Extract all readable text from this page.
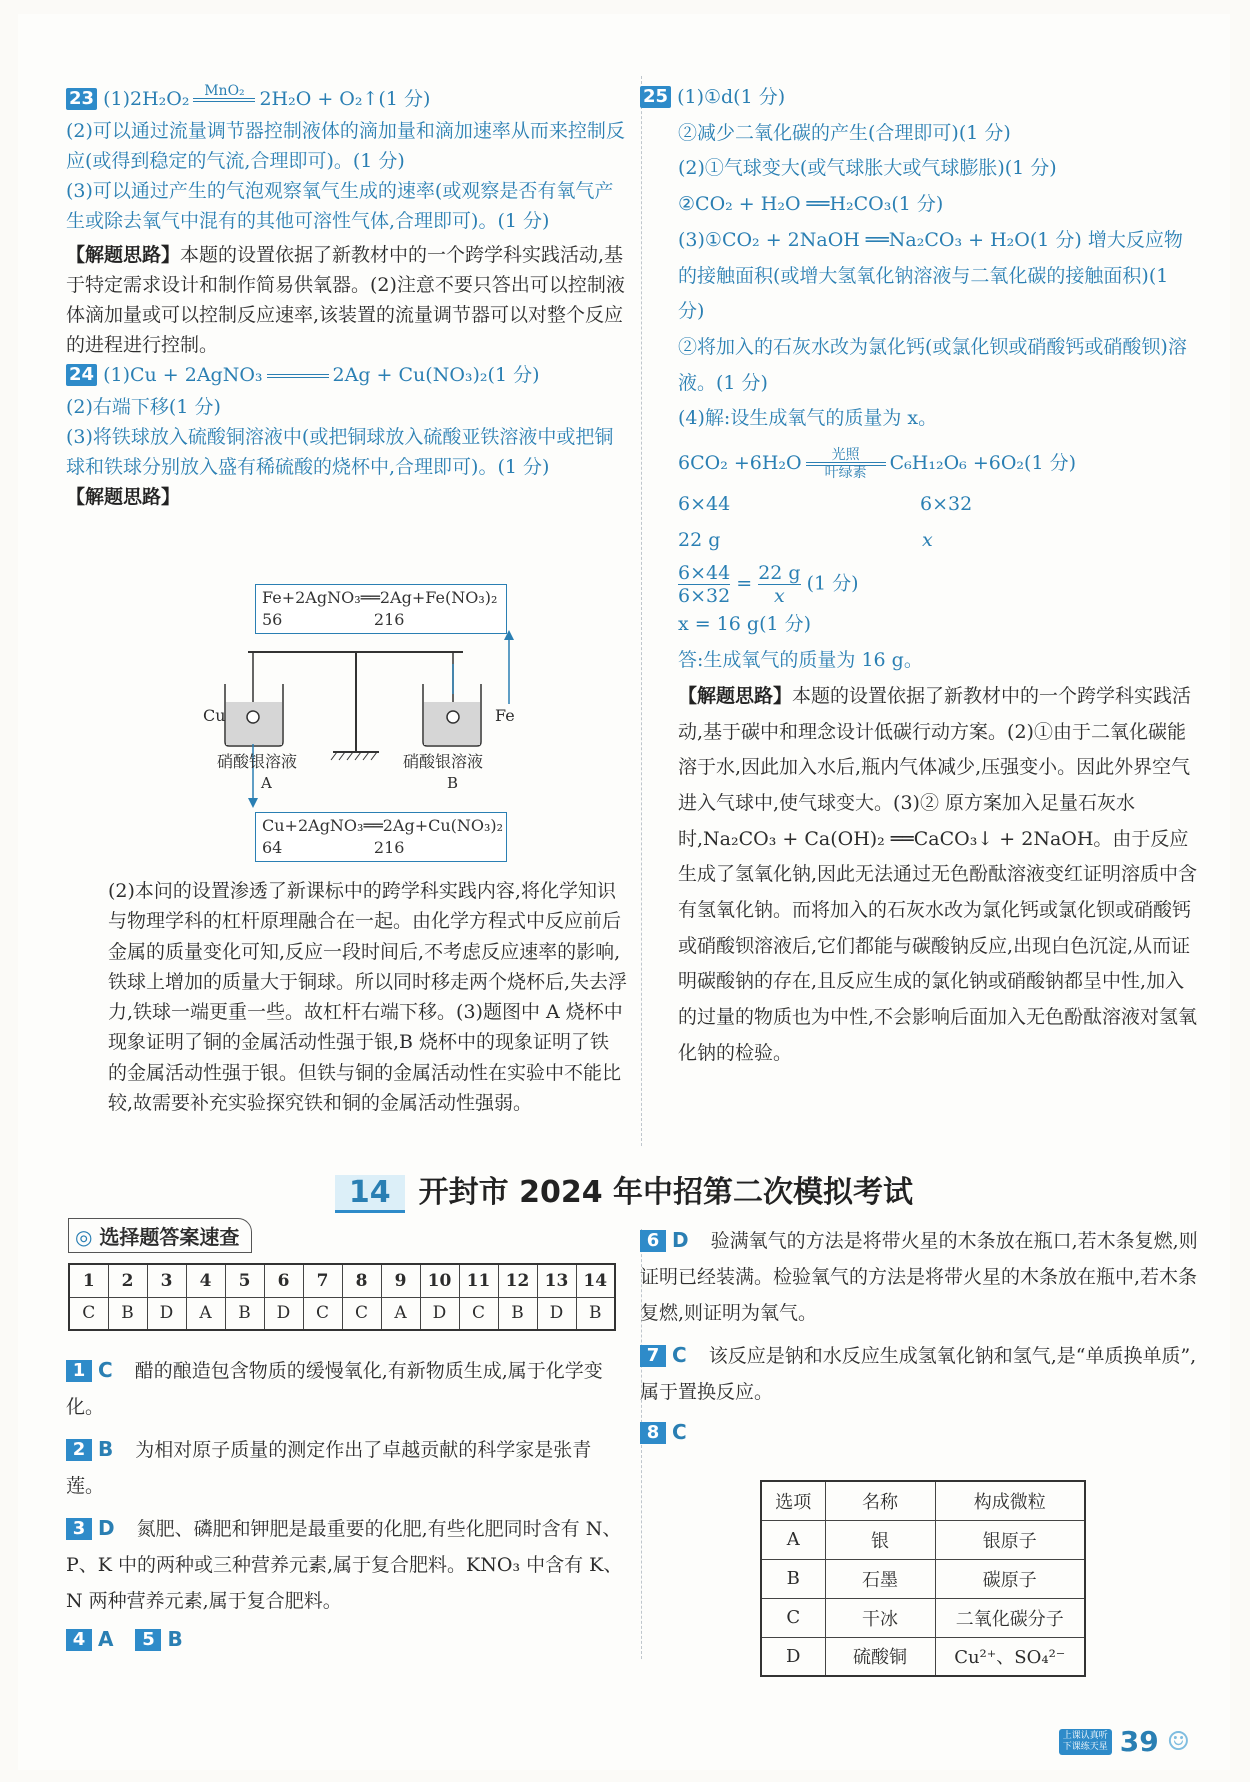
23 (1)2H₂O₂ MnO₂
2H₂O + O₂↑(1 分)
(2)可以通过流量调节器控制液体的滴加量和滴加速率从而来控制反应(或得到稳定的气流,合理即可)。(1 分)
(3)可以通过产生的气泡观察氧气生成的速率(或观察是否有氧气产生或除去氧气中混有的其他可溶性气体,合理即可)。(1 分)
【解题思路】本题的设置依据了新教材中的一个跨学科实践活动,基于特定需求设计和制作简易供氧器。(2)注意不要只答出可以控制液体滴加量或可以控制反应速率,该装置的流量调节器可以对整个反应的进程进行控制。
24 (1)Cu + 2AgNO₃

	2Ag + Cu(NO₃)₂(1 分)
(2)右端下移(1 分)
(3)将铁球放入硫酸铜溶液中(或把铜球放入硫酸亚铁溶液中或把铜球和铁球分别放入盛有稀硫酸的烧杯中,合理即可)。(1 分)
【解题思路】
Fe+2AgNO₃══2Ag+Fe(NO₃)₂
56                  216
Cu	Fe
硝酸银溶液	硝酸银溶液
A	B
Cu+2AgNO₃══2Ag+Cu(NO₃)₂
64                  216
(2)本问的设置渗透了新课标中的跨学科实践内容,将化学知识与物理学科的杠杆原理融合在一起。由化学方程式中反应前后金属的质量变化可知,反应一段时间后,不考虑反应速率的影响,铁球上增加的质量大于铜球。所以同时移走两个烧杯后,失去浮力,铁球一端更重一些。故杠杆右端下移。(3)题图中 A 烧杯中现象证明了铜的金属活动性强于银,B 烧杯中的现象证明了铁的金属活动性强于银。但铁与铜的金属活动性在实验中不能比较,故需要补充实验探究铁和铜的金属活动性强弱。
25 (1)①d(1 分)
②减少二氧化碳的产生(合理即可)(1 分)
(2)①气球变大(或气球胀大或气球膨胀)(1 分)
②CO₂ + H₂O ══H₂CO₃(1 分)
(3)①CO₂ + 2NaOH ══Na₂CO₃ + H₂O(1 分) 增大反应物的接触面积(或增大氢氧化钠溶液与二氧化碳的接触面积)(1 分)
②将加入的石灰水改为氯化钙(或氯化钡或硝酸钙或硝酸钡)溶液。(1 分)
(4)解:设生成氧气的质量为 x。
6CO₂ +6H₂O 光照
叶绿素 C₆H₁₂O₆ +6O₂(1 分)
6×44	6×32
22 g	x
$\frac{6\times 44}{6\times 32} = \frac{22 g}{x} (1$ 分)
x = 16 g(1 分)
答:生成氧气的质量为 16 g。
【解题思路】本题的设置依据了新教材中的一个跨学科实践活动,基于碳中和理念设计低碳行动方案。(2)①由于二氧化碳能溶于水,因此加入水后,瓶内气体减少,压强变小。因此外界空气进入气球中,使气球变大。(3)② 原方案加入足量石灰水时,Na₂CO₃ + Ca(OH)₂ ══CaCO₃↓ + 2NaOH。由于反应生成了氢氧化钠,因此无法通过无色酚酞溶液变红证明溶质中含有氢氧化钠。而将加入的石灰水改为氯化钙或氯化钡或硝酸钙或硝酸钡溶液后,它们都能与碳酸钠反应,出现白色沉淀,从而证明碳酸钠的存在,且反应生成的氯化钠或硝酸钠都呈中性,加入的过量的物质也为中性,不会影响后面加入无色酚酞溶液对氢氧化钠的检验。
14 开封市 2024 年中招第二次模拟考试
◎ 选择题答案速查
1	2	3	4	5	6	7	8	9	10	11	12	13	14
C	B	D	A	B	D	C	C	A	D	C	B	D	B
1 C 醋的酿造包含物质的缓慢氧化,有新物质生成,属于化学变化。
2 B 为相对原子质量的测定作出了卓越贡献的科学家是张青莲。
3 D 氮肥、磷肥和钾肥是最重要的化肥,有些化肥同时含有 N、P、K 中的两种或三种营养元素,属于复合肥料。KNO₃ 中含有 K、N 两种营养元素,属于复合肥料。
4 A 5 B
6 D 验满氧气的方法是将带火星的木条放在瓶口,若木条复燃,则证明已经装满。检验氧气的方法是将带火星的木条放在瓶中,若木条复燃,则证明为氧气。
7 C 该反应是钠和水反应生成氢氧化钠和氢气,是“单质换单质”,属于置换反应。
8 C
选项	名称	构成微粒
A	银	银原子
B	石墨	碳原子
C	干冰	二氧化碳分子
D	硫酸铜	Cu²⁺、SO₄²⁻
上课认真听
下课练天星 39 ☺
